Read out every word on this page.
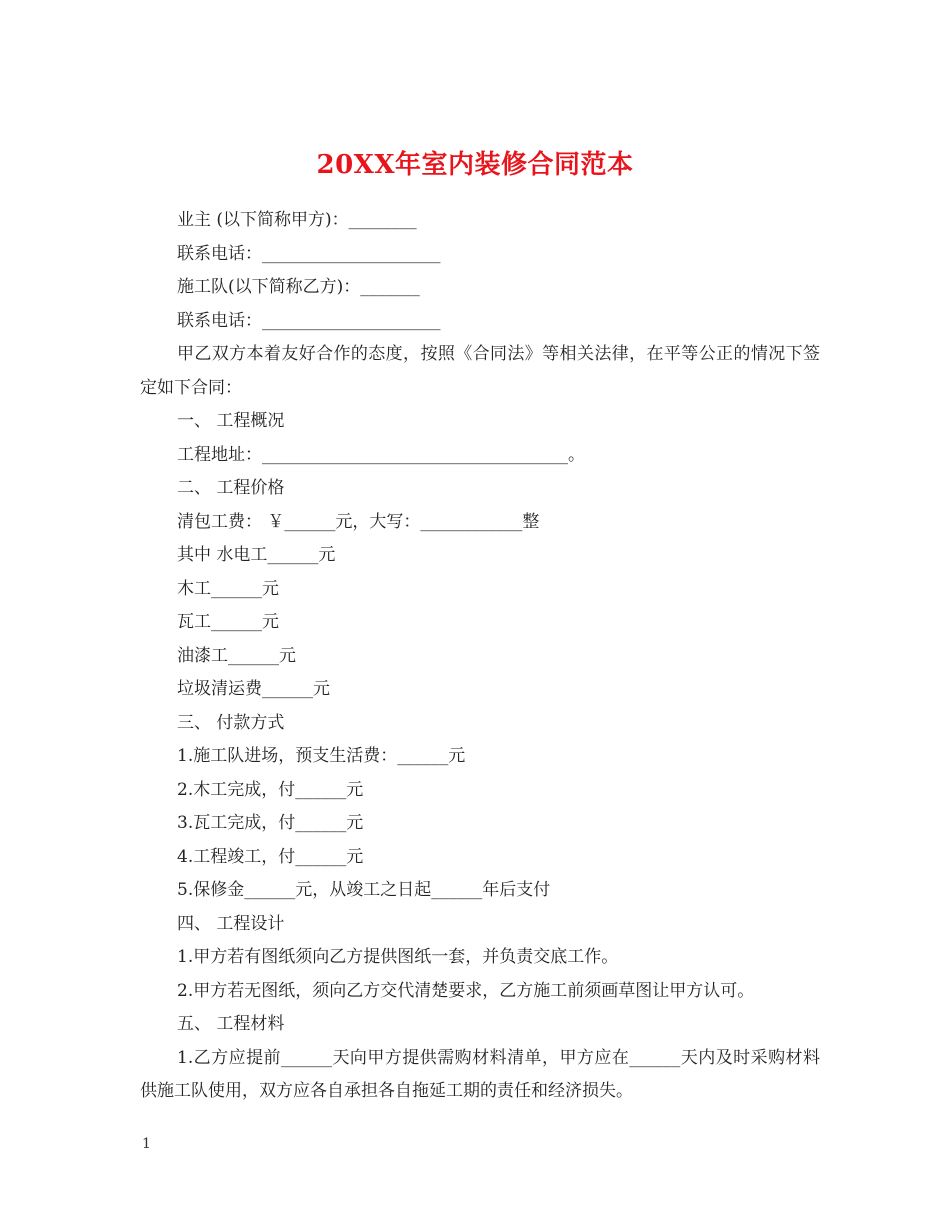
20XX年室内装修合同范本

业主 (以下简称甲方)：________

联系电话：_____________________

施工队(以下简称乙方)：_______

联系电话：_____________________

甲乙双方本着友好合作的态度，按照《合同法》等相关法律，在平等公正的情况下签定如下合同：

一、 工程概况

工程地址：____________________________________。

二、 工程价格

清包工费： ￥______元，大写：____________整

其中 水电工______元

木工______元

瓦工______元

油漆工______元

垃圾清运费______元

三、 付款方式

1.施工队进场，预支生活费：______元

2.木工完成，付______元

3.瓦工完成，付______元

4.工程竣工，付______元

5.保修金______元，从竣工之日起______年后支付

四、 工程设计

1.甲方若有图纸须向乙方提供图纸一套，并负责交底工作。

2.甲方若无图纸，须向乙方交代清楚要求，乙方施工前须画草图让甲方认可。

五、 工程材料

1.乙方应提前______天向甲方提供需购材料清单，甲方应在______天内及时采购材料供施工队使用，双方应各自承担各自拖延工期的责任和经济损失。

1
